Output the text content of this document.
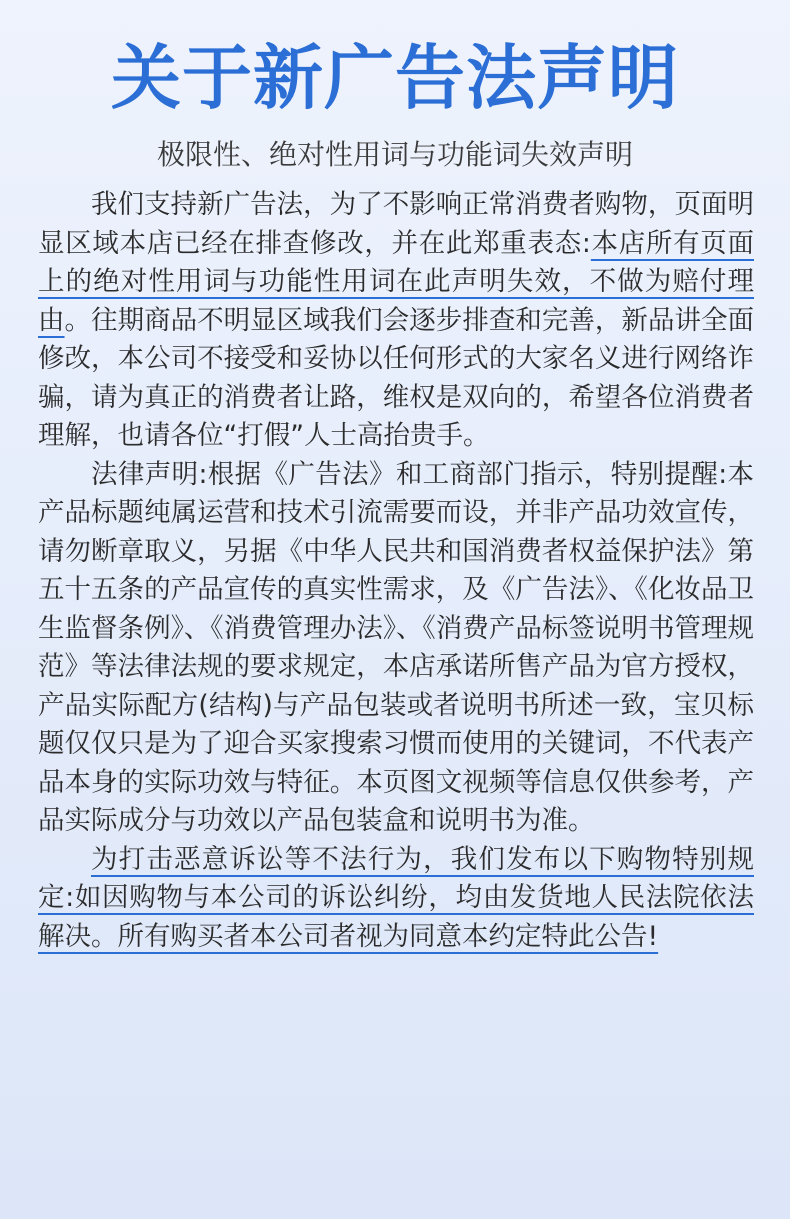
关于新广告法声明
极限性、绝对性用词与功能词失效声明

我们支持新广告法，为了不影响正常消费者购物，页面明显区域本店已经在排查修改，并在此郑重表态:本店所有页面上的绝对性用词与功能性用词在此声明失效，不做为赔付理由。往期商品不明显区域我们会逐步排查和完善，新品讲全面修改，本公司不接受和妥协以任何形式的大家名义进行网络诈骗，请为真正的消费者让路，维权是双向的，希望各位消费者理解，也请各位“打假”人士高抬贵手。

法律声明:根据《广告法》和工商部门指示，特别提醒:本产品标题纯属运营和技术引流需要而设，并非产品功效宣传，请勿断章取义，另据《中华人民共和国消费者权益保护法》第五十五条的产品宣传的真实性需求，及《广告法》、《化妆品卫生监督条例》、《消费管理办法》、《消费产品标签说明书管理规范》等法律法规的要求规定，本店承诺所售产品为官方授权，产品实际配方(结构)与产品包装或者说明书所述一致，宝贝标题仅仅只是为了迎合买家搜索习惯而使用的关键词，不代表产品本身的实际功效与特征。本页图文视频等信息仅供参考，产品实际成分与功效以产品包装盒和说明书为准。

为打击恶意诉讼等不法行为，我们发布以下购物特别规定:如因购物与本公司的诉讼纠纷，均由发货地人民法院依法解决。所有购买者本公司者视为同意本约定特此公告!
